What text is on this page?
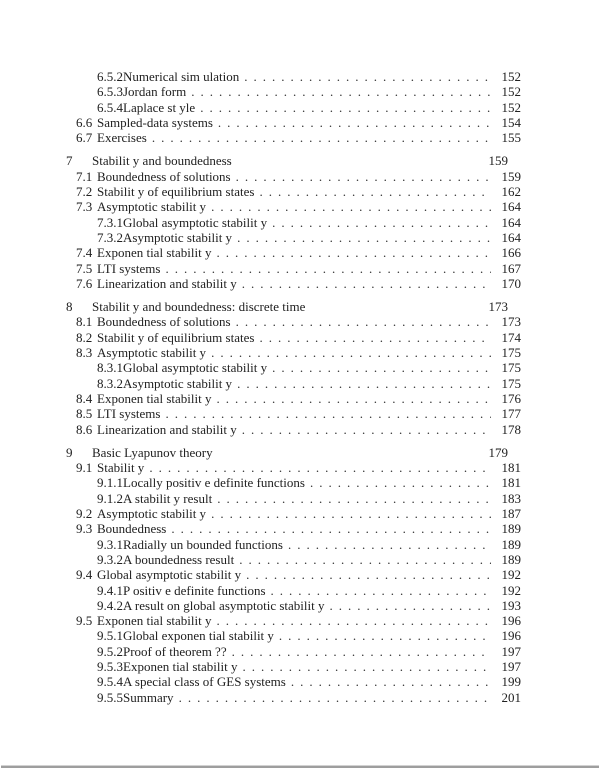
6.5.2 Numerical sim ulation .....	152
6.5.3 Jordan form .....	152
6.5.4 Laplace st yle .....	152
6.6 Sampled-data systems .....	154
6.7 Exercises .....	155
7	Stabilit y and boundedness	159
7.1 Boundedness of solutions .....	159
7.2 Stabilit y of equilibrium states .....	162
7.3 Asymptotic stabilit y .....	164
7.3.1 Global asymptotic stabilit y .....	164
7.3.2 Asymptotic stabilit y .....	164
7.4 Exponen tial stabilit y .....	166
7.5 LTI systems .....	167
7.6 Linearization and stabilit y .....	170
8	Stabilit y and boundedness: discrete time	173
8.1 Boundedness of solutions .....	173
8.2 Stabilit y of equilibrium states .....	174
8.3 Asymptotic stabilit y .....	175
8.3.1 Global asymptotic stabilit y .....	175
8.3.2 Asymptotic stabilit y .....	175
8.4 Exponen tial stabilit y .....	176
8.5 LTI systems .....	177
8.6 Linearization and stabilit y .....	178
9	Basic Lyapunov theory	179
9.1 Stabilit y .....	181
9.1.1 Locally positiv e definite functions .....	181
9.1.2 A stabilit y result .....	183
9.2 Asymptotic stabilit y .....	187
9.3 Boundedness .....	189
9.3.1 Radially un bounded functions .....	189
9.3.2 A boundedness result .....	189
9.4 Global asymptotic stabilit y .....	192
9.4.1 P ositiv e definite functions .....	192
9.4.2 A result on global asymptotic stabilit y .....	193
9.5 Exponen tial stabilit y .....	196
9.5.1 Global exponen tial stabilit y .....	196
9.5.2 Proof of theorem ?? .....	197
9.5.3 Exponen tial stabilit y .....	197
9.5.4 A special class of GES systems .....	199
9.5.5 Summary .....	201
